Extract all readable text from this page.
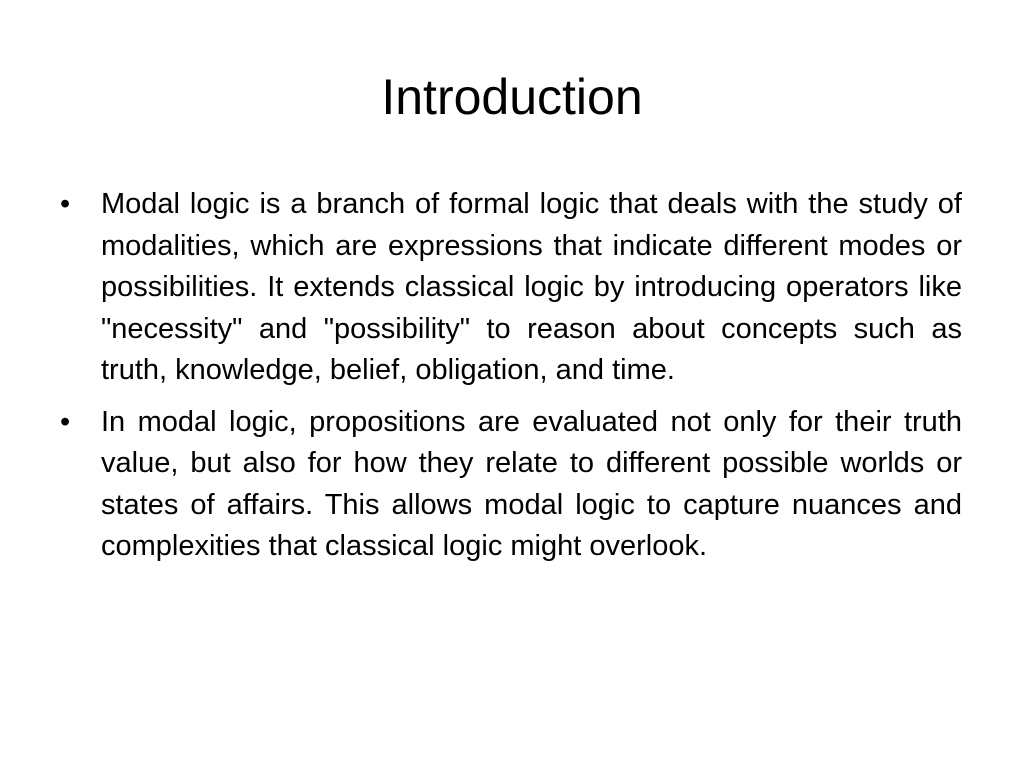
Introduction
•	Modal logic is a branch of formal logic that deals with the study of modalities, which are expressions that indicate different modes or possibilities. It extends classical logic by introducing operators like "necessity" and "possibility" to reason about concepts such as truth, knowledge, belief, obligation, and time.
•	In modal logic, propositions are evaluated not only for their truth value, but also for how they relate to different possible worlds or states of affairs. This allows modal logic to capture nuances and complexities that classical logic might overlook.
